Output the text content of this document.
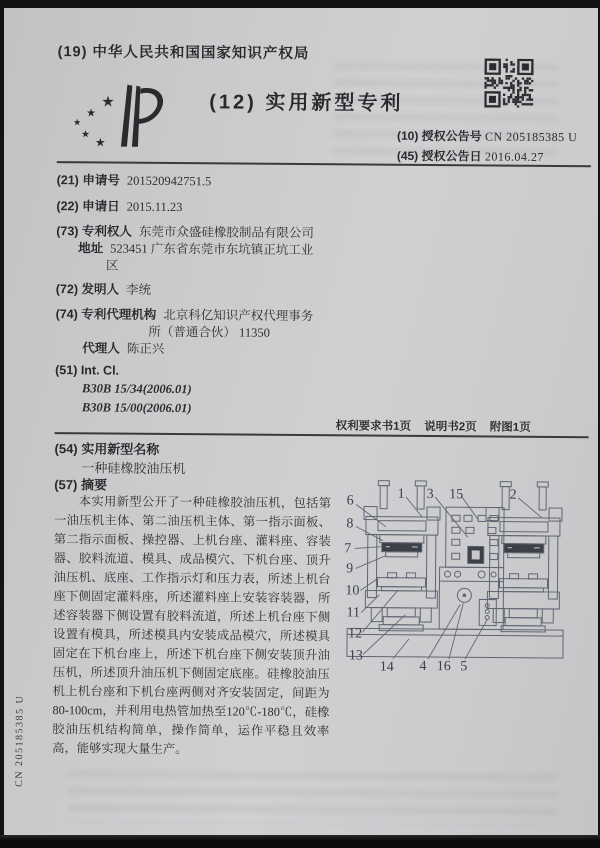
(19) 中华人民共和国国家知识产权局
★
★
★
★
★
(12) 实用新型专利
(10) 授权公告号 CN 205185385 U
(45) 授权公告日 2016.04.27
(21) 申请号 201520942751.5
(22) 申请日 2015.11.23
(73) 专利权人 东莞市众盛硅橡胶制品有限公司
地址 523451 广东省东莞市东坑镇正坑工业
区
(72) 发明人 李统
(74) 专利代理机构 北京科亿知识产权代理事务
所（普通合伙） 11350
代理人 陈正兴
(51) Int. Cl.
B30B 15/34(2006.01)
B30B 15/00(2006.01)
权利要求书1页 说明书2页 附图1页
(54) 实用新型名称
一种硅橡胶油压机
(57) 摘要
本实用新型公开了一种硅橡胶油压机，包括第一油压机主体、第二油压机主体、第一指示面板、第二指示面板、操控器、上机台座、灌料座、容装器、胶料流道、模具、成品模穴、下机台座、顶升油压机、底座、工作指示灯和压力表，所述上机台座下侧固定灌料座，所述灌料座上安装容装器，所述容装器下侧设置有胶料流道，所述上机台座下侧设置有模具，所述模具内安装成品模穴，所述模具固定在下机台座上，所述下机台座下侧安装顶升油压机，所述顶升油压机下侧固定底座。硅橡胶油压机上机台座和下机台座两侧对齐安装固定，间距为80-100cm，并利用电热管加热至120℃-180℃，硅橡胶油压机结构简单，操作简单，运作平稳且效率高，能够实现大量生产。
1	2
3
4 5
6
7
8
9
10
11
12
13
14
15
16
CN 205185385 U
